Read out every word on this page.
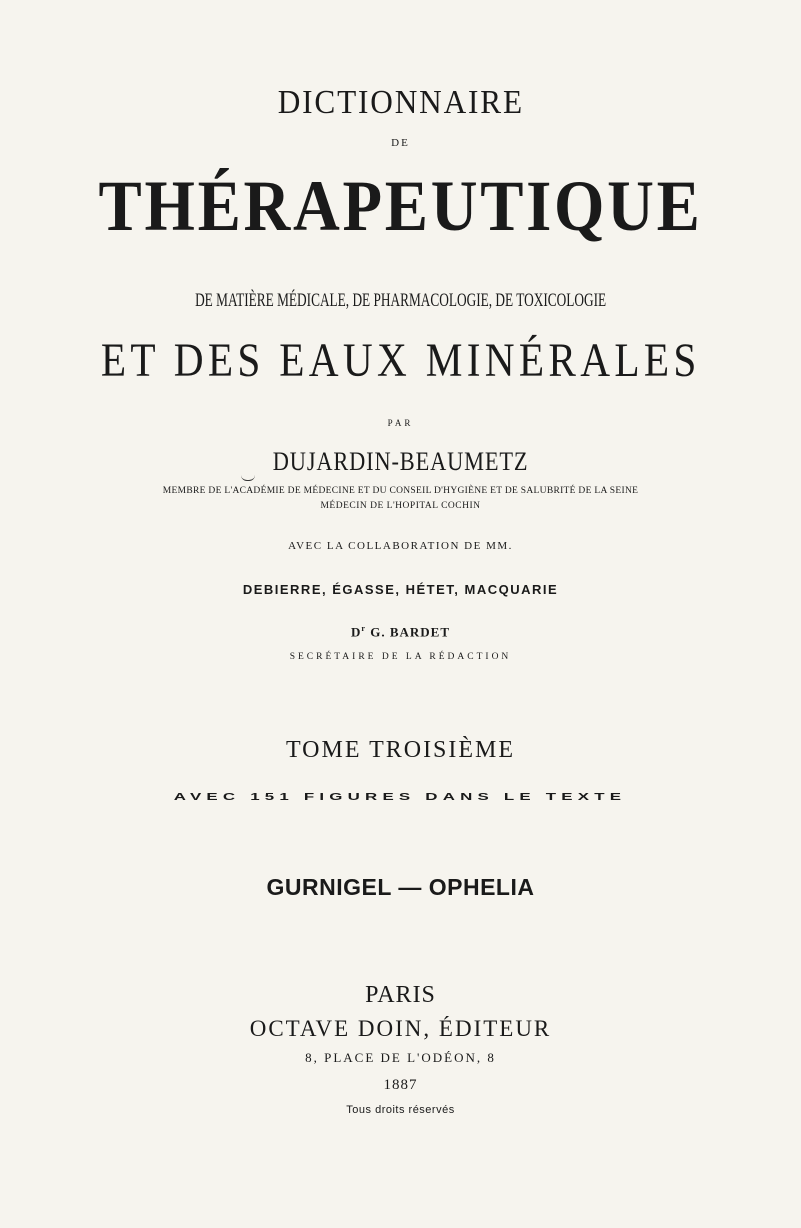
DICTIONNAIRE
DE
THÉRAPEUTIQUE
DE MATIÈRE MÉDICALE, DE PHARMACOLOGIE, DE TOXICOLOGIE
ET DES EAUX MINÉRALES
PAR
DUJARDIN-BEAUMETZ
MEMBRE DE L'ACADÉMIE DE MÉDECINE ET DU CONSEIL D'HYGIÈNE ET DE SALUBRITÉ DE LA SEINE
MÉDECIN DE L'HOPITAL COCHIN
AVEC LA COLLABORATION DE MM.
DEBIERRE, ÉGASSE, HÉTET, MACQUARIE
$D^r$ G. BARDET
SECRÉTAIRE DE LA RÉDACTION
TOME TROISIÈME
AVEC 151 FIGURES DANS LE TEXTE
GURNIGEL — OPHELIA
PARIS
OCTAVE DOIN, ÉDITEUR
8, PLACE DE L'ODÉON, 8
1887
Tous droits réservés
